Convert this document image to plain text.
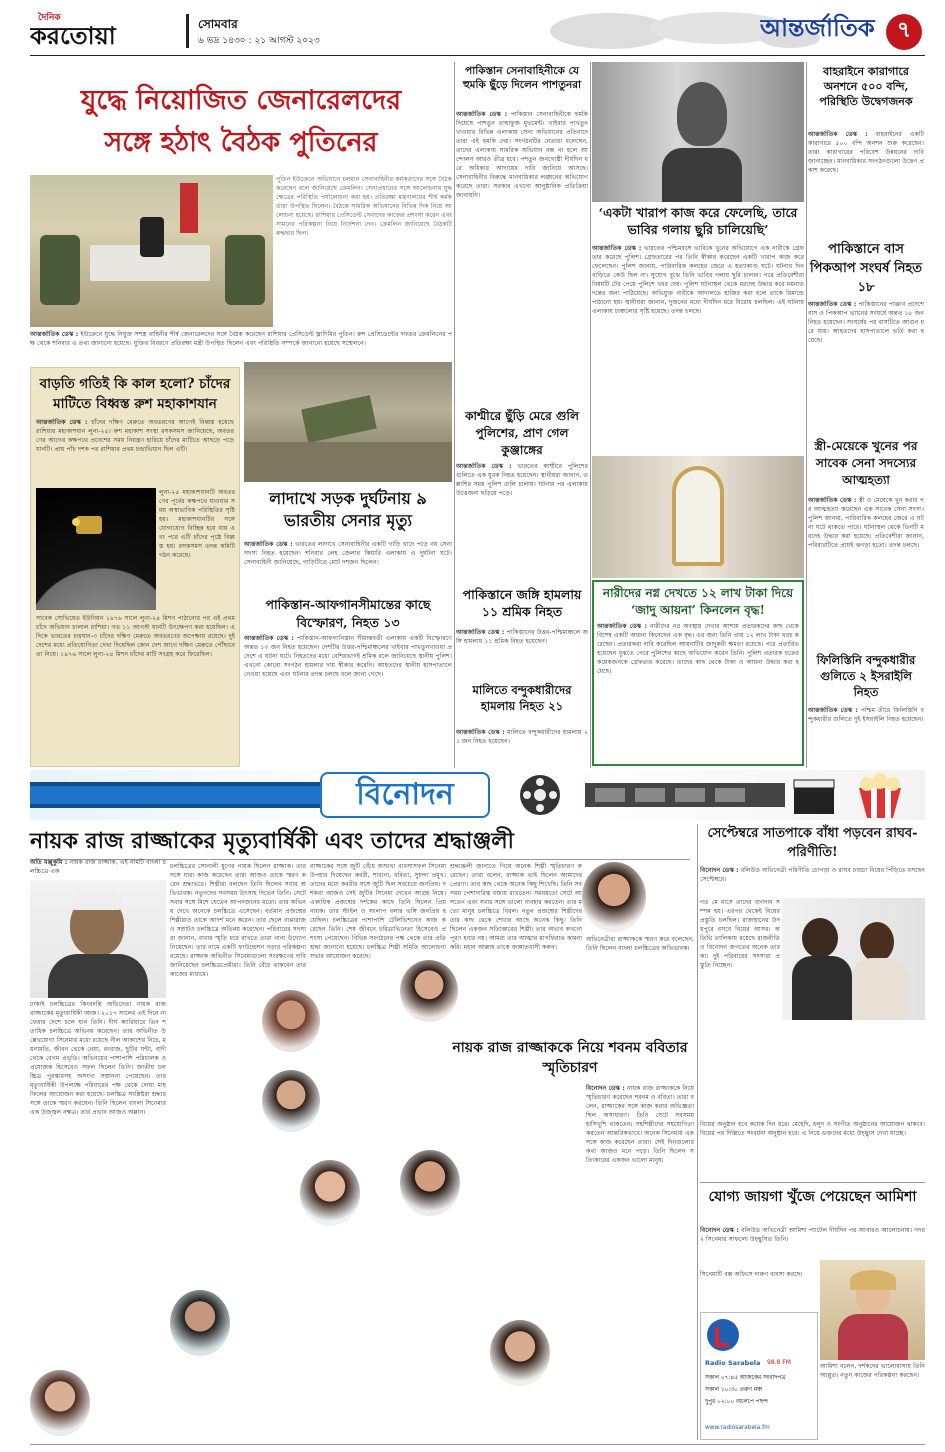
দৈনিক
করতোয়া	সোমবার
৬ ভদ্র ১৪৩০ : ২১ আগস্ট ২০২৩	আন্তর্জাতিক	৭
যুদ্ধে নিয়োজিত জেনারেলদের
সঙ্গে হঠাৎ বৈঠক পুতিনের
পুতিন ইউক্রেনে অভিযানে চলমান সেনাবাহিনীর কর্মকর্তাদের সঙ্গে বৈঠক করেছেন বলে জানিয়েছে ক্রেমলিন। সেনাপ্রধানের সঙ্গে আলোচনায় যুদ্ধক্ষেত্রের পরিস্থিতি পর্যালোচনা করা হয়। প্রতিরক্ষা মন্ত্রণালয়ের শীর্ষ কর্মকর্তারা উপস্থিত ছিলেন। বৈঠকে সামরিক অভিযানের বিভিন্ন দিক নিয়ে আলোচনা হয়েছে। রাশিয়ার প্রেসিডেন্ট সেনাদের কাজের প্রশংসা করেন এবং সামনের পরিকল্পনা নিয়ে নির্দেশনা দেন। ক্রেমলিন জানিয়েছে বৈঠকটি রুদ্ধদ্বার ছিল।
আন্তর্জাতিক ডেস্ক : ইউক্রেনে যুদ্ধে নিযুক্ত সশস্ত্র বাহিনীর শীর্ষ জেনারেলদের সঙ্গে বৈঠক করেছেন রাশিয়ার প্রেসিডেন্ট ভ্লাদিমির পুতিন। রুশ প্রেসিডেন্টের দফতর ক্রেমলিনের পক্ষ থেকে শনিবার এ তথ্য জানানো হয়েছে। যুক্তির বিবরণে প্রতিরক্ষা মন্ত্রী উপস্থিত ছিলেন এবং পরিস্থিতি সম্পর্কে জানানো হয়েছে সম্মেলনে।
বাড়তি গতিই কি কাল হলো? চাঁদের মাটিতে বিধ্বস্ত রুশ মহাকাশযান
আন্তর্জাতিক ডেস্ক : চাঁদের দক্ষিণ মেরুতে অবতরণের আগেই বিধ্বস্ত হয়েছে রাশিয়ার মহাকাশযান লুনা-২৫। রুশ মহাকাশ সংস্থা রসকসমস জানিয়েছে, অবতরণের আগের কক্ষপথে প্রবেশের সময় নিয়ন্ত্রণ হারিয়ে চাঁদের মাটিতে আছড়ে পড়ে যানটি। প্রায় পাঁচ দশক পর রাশিয়ার প্রথম চন্দ্রাভিযান ছিল এটি।
লুনা-২৫ মহাকাশযানটি অবতরণের পূর্বের কক্ষপথে যাওয়ার সময় অস্বাভাবিক পরিস্থিতির সৃষ্টি হয়। মহাকাশযানটির সঙ্গে যোগাযোগ বিচ্ছিন্ন হয়ে যায় এবং পরে এটি চাঁদের পৃষ্ঠে বিধ্বস্ত হয়। রসকসমস তদন্ত কমিটি গঠন করেছে।
সাবেক সোভিয়েত ইউনিয়ন ১৯৭৬ সালে লুনা-২৪ মিশন পাঠানোর পর এই প্রথম চাঁদে অভিযান চালাল রাশিয়া। গত ১১ আগস্ট যানটি উৎক্ষেপণ করা হয়েছিল। এদিকে ভারতের চন্দ্রযান-৩ চাঁদের দক্ষিণ মেরুতে অবতরণের অপেক্ষায় রয়েছে। দুই দেশের মধ্যে প্রতিযোগিতা দেখা দিয়েছিল কোন দেশ আগে দক্ষিণ মেরুতে পৌঁছাবে তা নিয়ে। ১৯৭৬ সালে লুনা-২৪ মিশন চাঁদের মাটি সংগ্রহ করে ফিরেছিল।
লাদাখে সড়ক দুর্ঘটনায় ৯ ভারতীয় সেনার মৃত্যু
আন্তর্জাতিক ডেস্ক : ভারতের লাদাখে সেনাবাহিনীর একটি গাড়ি খাদে পড়ে নয় সেনা সদস্য নিহত হয়েছেন। শনিবার লেহ জেলার কিয়ারি এলাকায় এ দুর্ঘটনা ঘটে। সেনাবাহিনী জানিয়েছে, গাড়িটিতে মোট দশজন ছিলেন।
পাকিস্তান-আফগানসীমান্তের কাছে বিস্ফোরণ, নিহত ১৩
আন্তর্জাতিক ডেস্ক : পাকিস্তান-আফগানিস্তান সীমান্তবর্তী এলাকায় একটি বিস্ফোরণে অন্তত ১৩ জন নিহত হয়েছেন। দেশটির উত্তর-পশ্চিমাঞ্চলের খাইবার পাখতুনখাওয়া প্রদেশে এ ঘটনা ঘটে। নিহতদের মধ্যে বেশিরভাগই শ্রমিক বলে জানিয়েছে স্থানীয় পুলিশ। এখনো কোনো সংগঠন হামলার দায় স্বীকার করেনি। আহতদের স্থানীয় হাসপাতালে নেওয়া হয়েছে এবং ঘটনার তদন্ত চলছে বলে জানা গেছে।
পাকিস্তান সেনাবাহিনীকে যে হুমকি ছুঁড়ে দিলেন পাশতুনরা
আন্তর্জাতিক ডেস্ক : পাকিস্তান সেনাবাহিনীকে হুমকি দিয়েছে পাশতুন তাহাফুজ মুভমেন্ট। খাইবার পাখতুনখাওয়ার বিভিন্ন এলাকায় সেনা অভিযানের প্রতিবাদে তারা এই হুমকি দেয়। সংগঠনটির নেতারা বলেছেন, তাদের এলাকায় সামরিক অভিযান বন্ধ না হলে আন্দোলন আরও তীব্র হবে। পশতুন জনগোষ্ঠী দীর্ঘদিন ধরে অধিকার আদায়ের দাবি জানিয়ে আসছে। সেনাবাহিনীর বিরুদ্ধে মানবাধিকার লঙ্ঘনের অভিযোগ করেছে তারা। সরকার এখনো আনুষ্ঠানিক প্রতিক্রিয়া জানায়নি।
কাশ্মীরে ছুঁড়ি মেরে গুলি পুলিশের, প্রাণ গেল কুঞ্জাঙ্গের
আন্তর্জাতিক ডেস্ক : ভারতের কাশ্মীরে পুলিশের গুলিতে এক যুবক নিহত হয়েছেন। স্থানীয়রা জানান, তল্লাশির সময় পুলিশ গুলি চালায়। ঘটনার পর এলাকায় উত্তেজনা ছড়িয়ে পড়ে।
পাকিস্তানে জঙ্গি হামলায় ১১ শ্রমিক নিহত
আন্তর্জাতিক ডেস্ক : পাকিস্তানের উত্তর-পশ্চিমাঞ্চলে জঙ্গি হামলায় ১১ শ্রমিক নিহত হয়েছেন।
মালিতে বন্দুকধারীদের হামলায় নিহত ২১
আন্তর্জাতিক ডেস্ক : মালিতে বন্দুকধারীদের হামলায় ২১ জন নিহত হয়েছেন।
‘একটা খারাপ কাজ করে ফেলেছি, তারে ভাবির গলায় ছুরি চালিয়েছি’
আন্তর্জাতিক ডেস্ক : ভারতের পশ্চিমবঙ্গে ভাবিকে খুনের অভিযোগে এক নারীকে গ্রেফতার করেছে পুলিশ। গ্রেফতারের পর তিনি স্বীকার করেছেন একটি খারাপ কাজ করে ফেলেছেন। পুলিশ জানায়, পারিবারিক কলহের জেরে এ হত্যাকাণ্ড ঘটে। ঘটনার দিন বাড়িতে কেউ ছিল না। সুযোগ বুঝে তিনি ভাবির গলায় ছুরি চালান। পরে প্রতিবেশীরা বিষয়টি টের পেয়ে পুলিশে খবর দেয়। পুলিশ ঘটনাস্থল থেকে মরদেহ উদ্ধার করে ময়নাতদন্তের জন্য পাঠিয়েছে। অভিযুক্ত নারীকে আদালতে হাজির করা হলে তাকে রিমান্ডে পাঠানো হয়। স্থানীয়রা জানান, দুজনের মধ্যে দীর্ঘদিন ধরে বিরোধ চলছিল। এই ঘটনায় এলাকায় চাঞ্চল্যের সৃষ্টি হয়েছে। তদন্ত চলছে।
নারীদের নগ্ন দেখতে ১২ লাখ টাকা দিয়ে ‘জাদু আয়না’ কিনলেন বৃদ্ধ!
আন্তর্জাতিক ডেস্ক : নারীদের নগ্ন অবস্থায় দেখার আশায় প্রতারকদের কাছ থেকে বিশেষ একটি আয়না কিনেছেন এক বৃদ্ধ। এর জন্য তিনি প্রায় ১২ লাখ টাকা খরচ করেছেন। প্রতারকরা দাবি করেছিল আয়নাটির জাদুকরী ক্ষমতা রয়েছে। পরে প্রতারিত হয়েছেন বুঝতে পেরে পুলিশের কাছে অভিযোগ করেন তিনি। পুলিশ প্রতারক চক্রের কয়েকজনকে গ্রেফতার করেছে। তাদের কাছ থেকে টাকা ও আয়না উদ্ধার করা হয়েছে।
বাহরাইনে কারাগারে অনশনে ৫০০ বন্দি, পরিস্থিতি উদ্বেগজনক
আন্তর্জাতিক ডেস্ক : বাহরাইনের একটি কারাগারে ৫০০ বন্দি অনশন শুরু করেছেন। তারা কারাগারের পরিবেশ উন্নয়নের দাবি জানাচ্ছেন। মানবাধিকার সংগঠনগুলো উদ্বেগ প্রকাশ করেছে।
পাকিস্তানে বাস পিকআপ সংঘর্ষ নিহত ১৮
আন্তর্জাতিক ডেস্ক : পাকিস্তানের পাঞ্জাব প্রদেশে বাস ও পিকআপ ভ্যানের সংঘর্ষে অন্তত ১৮ জন নিহত হয়েছেন। সংঘর্ষের পর বাসটিতে আগুন ধরে যায়। আহতদের হাসপাতালে ভর্তি করা হয়েছে।
স্ত্রী-মেয়েকে খুনের পর সাবেক সেনা সদস্যের আত্মহত্যা
আন্তর্জাতিক ডেস্ক : স্ত্রী ও মেয়েকে খুন করার পর আত্মহত্যা করেছেন এক সাবেক সেনা সদস্য। পুলিশ জানায়, পারিবারিক কলহের জেরে এ ঘটনা ঘটে থাকতে পারে। ঘটনাস্থল থেকে তিনটি মরদেহ উদ্ধার করা হয়েছে। প্রতিবেশীরা জানান, পরিবারটিতে প্রায়ই ঝগড়া হতো। তদন্ত চলছে।
ফিলিস্তিনি বন্দুকধারীর গুলিতে ২ ইসরাইলি নিহত
আন্তর্জাতিক ডেস্ক : পশ্চিম তীরে ফিলিস্তিনি বন্দুকধারীর গুলিতে দুই ইসরাইলি নিহত হয়েছেন।
বিনোদন
নায়ক রাজ রাজ্জাকের মৃত্যুবার্ষিকী এবং তাদের শ্রদ্ধাঞ্জলী
অতি মঞ্জুকুমি : নায়ক রাজ রাজ্জাক, এই নামটি বাংলা চলচ্চিত্রে এক
ঢাকাই চলচ্চিত্রের কিংবদন্তি অভিনেতা নায়ক রাজ রাজ্জাকের মৃত্যুবার্ষিকী আজ। ২০১৭ সালের এই দিনে না ফেরার দেশে চলে যান তিনি। দীর্ঘ ক্যারিয়ারে তিন শতাধিক চলচ্চিত্রে অভিনয় করেছেন। তার অভিনীত উল্লেখযোগ্য সিনেমার মধ্যে রয়েছে নীল আকাশের নিচে, ময়নামতি, জীবন থেকে নেয়া, রংবাজ, ছুটির ঘন্টা, বাদী থেকে বেগম প্রভৃতি। অভিনয়ের পাশাপাশি পরিচালক ও প্রযোজক হিসেবেও সফল ছিলেন তিনি। জাতীয় চলচ্চিত্র পুরস্কারসহ অসংখ্য সম্মাননা পেয়েছেন। তার মৃত্যুবার্ষিকী উপলক্ষে পরিবারের পক্ষ থেকে দোয়া মাহফিলের আয়োজন করা হয়েছে। চলচ্চিত্র সংশ্লিষ্টরা শ্রদ্ধার সঙ্গে তাকে স্মরণ করছেন। তিনি ছিলেন বাংলা সিনেমার এক উজ্জ্বল নক্ষত্র। তার প্রভাব আজও অম্লান।
চলচ্চিত্রের সোনালী যুগের নায়ক ছিলেন রাজ্জাক। তার সঙ্গে যারা কাজ করেছেন তারা আজও তাকে স্মরণ করেন শ্রদ্ধাভরে। শিল্পীরা বলছেন তিনি ছিলেন সবার অভিভাবক। নতুনদের সবসময় উৎসাহ দিতেন তিনি। সেটে সবার সঙ্গে মিশে যেতেন আপনজনের মতো। তার অভিনয় দেখে অনেকে চলচ্চিত্রে এসেছেন। বর্তমান প্রজন্মের শিল্পীরাও তাকে আদর্শ মনে করেন। তার ছেলে বাপ্পারাজ ও সম্রাটও চলচ্চিত্রে অভিনয় করেছেন। পরিবারের সদস্যরা জানান, বাবার স্মৃতি ধরে রাখতে তারা নানা উদ্যোগ নিয়েছেন। তার নামে একটি ফাউন্ডেশন গড়ার পরিকল্পনা রয়েছে। রাজ্জাক অভিনীত সিনেমাগুলো সংরক্ষণের দাবি জানিয়েছেন চলচ্চিত্রপ্রেমীরা। তিনি বেঁচে থাকবেন তার কাজের মাধ্যমে।
রাজ্জাকের সঙ্গে জুটি বেঁধে অসংখ্য ব্যবসাসফল সিনেমা উপহার দিয়েছেন কবরী, শাবানা, ববিতা, সুচন্দা প্রমুখ। তাদের মধ্যে কবরীর সঙ্গে জুটি ছিল সবচেয়ে জনপ্রিয়। দর্শকরা আজও সেই জুটির সিনেমা দেখেন আগ্রহ নিয়ে। একাধিক প্রজন্মের দর্শকের কাছে তিনি ছিলেন প্রিয় নায়ক। তার স্টাইল ও সংলাপ বলার ভঙ্গি জনপ্রিয় হয়েছিল। চলচ্চিত্রের পাশাপাশি টেলিভিশনেও কাজ করেছেন তিনি। শেষ জীবনে চরিত্রাভিনেতা হিসেবেও প্রশংসা পেয়েছেন। বিভিন্ন সংগঠনের পক্ষ থেকে তার প্রতি শ্রদ্ধা জানানো হয়েছে। চলচ্চিত্র শিল্পী সমিতি আলোচনা সভার আয়োজন করেছে।
শ্রদ্ধাঞ্জলী জানাতে গিয়ে অনেক শিল্পী স্মৃতিচারণ করেছেন। তারা বলেন, রাজ্জাক ভাই ছিলেন আমাদের প্রেরণা। তার কাছ থেকে অনেক কিছু শিখেছি। তিনি সবসময় পেশাদারিত্ব বজায় রাখতেন। সময়মতো সেটে আসতেন এবং সবার সঙ্গে ভালো ব্যবহার করতেন। তার মতো মানুষ চলচ্চিত্রে বিরল। নতুন প্রজন্মের শিল্পীদের তার কাছ থেকে শেখার আছে অনেক কিছু। তিনি ছিলেন একজন সত্যিকারের শিল্পী। তার অভাব কখনো পূরণ হবার নয়। আমরা তার আত্মার মাগফিরাত কামনা করি। মহান আল্লাহ তাকে জান্নাতবাসী করুন।
অভিনেত্রীরা রাজ্জাককে স্মরণ করে বলেছেন, তিনি ছিলেন বাংলা চলচ্চিত্রের অভিভাবক।
নায়ক রাজ রাজ্জাককে নিয়ে শবনম ববিতার স্মৃতিচারণ
বিনোদন ডেস্ক : নায়ক রাজ রাজ্জাককে নিয়ে স্মৃতিচারণ করেছেন শবনম ও ববিতা। তারা বলেন, রাজ্জাকের সঙ্গে কাজ করার অভিজ্ঞতা ছিল অসাধারণ। তিনি সেটে সবসময় হাসিখুশি থাকতেন। সহশিল্পীদের সহযোগিতা করতেন আন্তরিকভাবে। অনেক সিনেমায় একসঙ্গে কাজ করেছেন তারা। সেই দিনগুলোর কথা আজও মনে পড়ে। তিনি ছিলেন সত্যিকারের একজন ভালো মানুষ।
সেপ্টেম্বরে সাতপাকে বাঁধা পড়বেন রাঘব-পরিণীতি!
বিনোদন ডেস্ক : বলিউড অভিনেত্রী পরিণীতি চোপড়া ও রাঘব চাড্ডা বিয়ের পিঁড়িতে বসছেন সেপ্টেম্বরে।
গত মে মাসে তাদের বাগদান সম্পন্ন হয়। এরপর থেকেই বিয়ের প্রস্তুতি চলছিল। রাজস্থানের উদয়পুরে বসবে বিয়ের আসর। অতিথি তালিকায় রয়েছে রাজনীতি ও বিনোদন জগতের অনেক তারকা। দুই পরিবারের সদস্যরা প্রস্তুতি নিচ্ছেন।
বিয়ের অনুষ্ঠান হবে কয়েক দিন ধরে। মেহেদি, হলুদ ও সংগীত অনুষ্ঠানের আয়োজন থাকবে। বিয়ের পর দিল্লিতে সংবর্ধনা অনুষ্ঠান হবে। এ নিয়ে ভক্তদের মধ্যে উচ্ছ্বাস দেখা যাচ্ছে।
যোগ্য জায়গা খুঁজে পেয়েছেন আমিশা
বিনোদন ডেস্ক : বলিউড অভিনেত্রী আমিশা প্যাটেল দীর্ঘদিন পর আবারও আলোচনায়। গদর ২ সিনেমার সাফল্যে উচ্ছ্বসিত তিনি।
সিনেমাটি বক্স অফিসে দারুণ ব্যবসা করছে।
Radio Sarabela 98.8 FM
সকাল ০৭:৪৫ আজকের সংবাদপত্র
সকাল ১০:৩০ তরুণ মঞ্চ
দুপুর ০২:০০ অলেপে পছন্দ
www.radiosarabela.fm
আমিশা বলেন, দর্শকদের ভালোবাসায় তিনি আপ্লুত। নতুন কাজের পরিকল্পনা করছেন।
